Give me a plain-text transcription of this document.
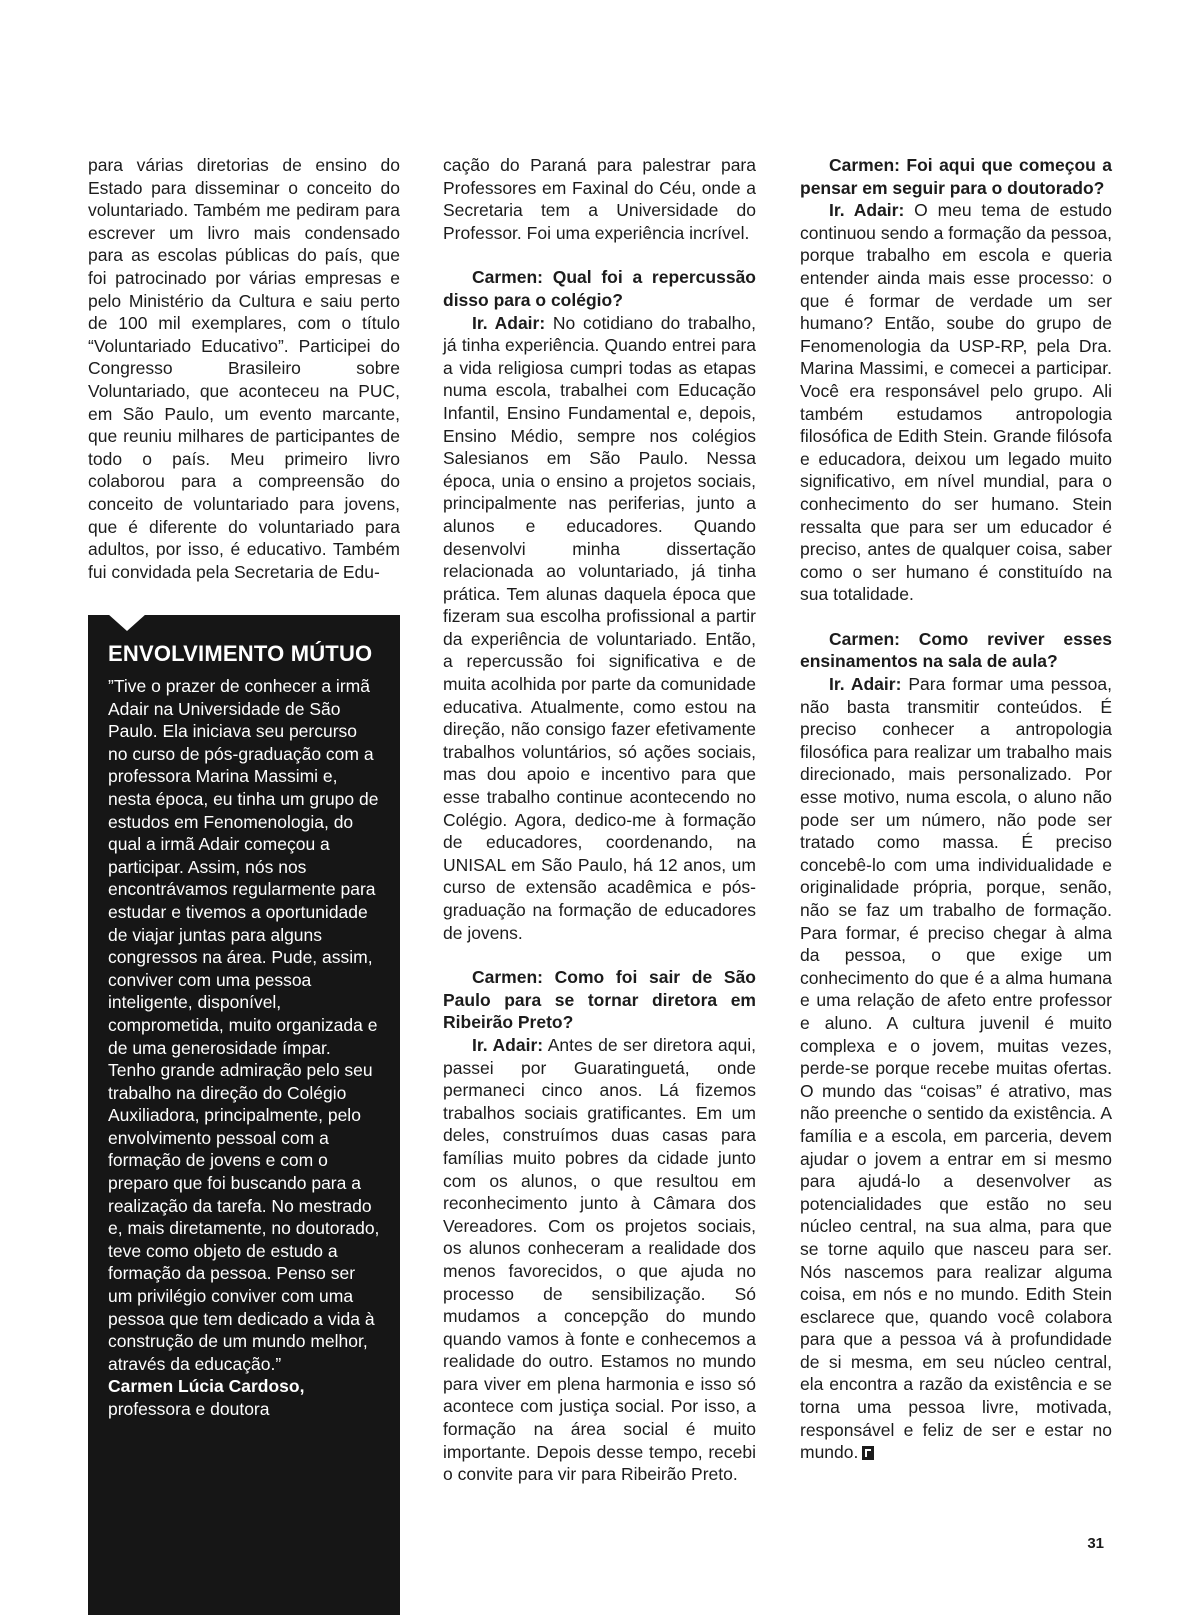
para várias diretorias de ensino do Estado para disseminar o conceito do voluntariado. Também me pediram para escrever um livro mais condensado para as escolas públicas do país, que foi patrocinado por várias empresas e pelo Ministério da Cultura e saiu perto de 100 mil exemplares, com o título “Voluntariado Educativo”. Participei do Congresso Brasileiro sobre Voluntariado, que aconteceu na PUC, em São Paulo, um evento marcante, que reuniu milhares de participantes de todo o país. Meu primeiro livro colaborou para a compreensão do conceito de voluntariado para jovens, que é diferente do voluntariado para adultos, por isso, é educativo. Também fui convidada pela Secretaria de Edu-

ENVOLVIMENTO MÚTUO

”Tive o prazer de conhecer a irmã Adair na Universidade de São Paulo. Ela iniciava seu percurso no curso de pós-graduação com a professora Marina Massimi e, nesta época, eu tinha um grupo de estudos em Fenomenologia, do qual a irmã Adair começou a participar. Assim, nós nos encontrávamos regularmente para estudar e tivemos a oportunidade de viajar juntas para alguns congressos na área. Pude, assim, conviver com uma pessoa inteligente, disponível, comprometida, muito organizada e de uma generosidade ímpar. Tenho grande admiração pelo seu trabalho na direção do Colégio Auxiliadora, principalmente, pelo envolvimento pessoal com a formação de jovens e com o preparo que foi buscando para a realização da tarefa. No mestrado e, mais diretamente, no doutorado, teve como objeto de estudo a formação da pessoa. Penso ser um privilégio conviver com uma pessoa que tem dedicado a vida à construção de um mundo melhor, através da educação.”

Carmen Lúcia Cardoso,

professora e doutora

cação do Paraná para palestrar para Professores em Faxinal do Céu, onde a Secretaria tem a Universidade do Professor. Foi uma experiência incrível.

Carmen: Qual foi a repercussão disso para o colégio?

Ir. Adair: No cotidiano do trabalho, já tinha experiência. Quando entrei para a vida religiosa cumpri todas as etapas numa escola, trabalhei com Educação Infantil, Ensino Fundamental e, depois, Ensino Médio, sempre nos colégios Salesianos em São Paulo. Nessa época, unia o ensino a projetos sociais, principalmente nas periferias, junto a alunos e educadores. Quando desenvolvi minha dissertação relacionada ao voluntariado, já tinha prática. Tem alunas daquela época que fizeram sua escolha profissional a partir da experiência de voluntariado. Então, a repercussão foi significativa e de muita acolhida por parte da comunidade educativa. Atualmente, como estou na direção, não consigo fazer efetivamente trabalhos voluntários, só ações sociais, mas dou apoio e incentivo para que esse trabalho continue acontecendo no Colégio. Agora, dedico-me à formação de educadores, coordenando, na UNISAL em São Paulo, há 12 anos, um curso de extensão acadêmica e pós-graduação na formação de educadores de jovens.

Carmen: Como foi sair de São Paulo para se tornar diretora em Ribeirão Preto?

Ir. Adair: Antes de ser diretora aqui, passei por Guaratinguetá, onde permaneci cinco anos. Lá fizemos trabalhos sociais gratificantes. Em um deles, construímos duas casas para famílias muito pobres da cidade junto com os alunos, o que resultou em reconhecimento junto à Câmara dos Vereadores. Com os projetos sociais, os alunos conheceram a realidade dos menos favorecidos, o que ajuda no processo de sensibilização. Só mudamos a concepção do mundo quando vamos à fonte e conhecemos a realidade do outro. Estamos no mundo para viver em plena harmonia e isso só acontece com justiça social. Por isso, a formação na área social é muito importante. Depois desse tempo, recebi o convite para vir para Ribeirão Preto.

Carmen: Foi aqui que começou a pensar em seguir para o doutorado?

Ir. Adair: O meu tema de estudo continuou sendo a formação da pessoa, porque trabalho em escola e queria entender ainda mais esse processo: o que é formar de verdade um ser humano? Então, soube do grupo de Fenomenologia da USP-RP, pela Dra. Marina Massimi, e comecei a participar. Você era responsável pelo grupo. Ali também estudamos antropologia filosófica de Edith Stein. Grande filósofa e educadora, deixou um legado muito significativo, em nível mundial, para o conhecimento do ser humano. Stein ressalta que para ser um educador é preciso, antes de qualquer coisa, saber como o ser humano é constituído na sua totalidade.

Carmen: Como reviver esses ensinamentos na sala de aula?

Ir. Adair: Para formar uma pessoa, não basta transmitir conteúdos. É preciso conhecer a antropologia filosófica para realizar um trabalho mais direcionado, mais personalizado. Por esse motivo, numa escola, o aluno não pode ser um número, não pode ser tratado como massa. É preciso concebê-lo com uma individualidade e originalidade própria, porque, senão, não se faz um trabalho de formação. Para formar, é preciso chegar à alma da pessoa, o que exige um conhecimento do que é a alma humana e uma relação de afeto entre professor e aluno. A cultura juvenil é muito complexa e o jovem, muitas vezes, perde-se porque recebe muitas ofertas. O mundo das “coisas” é atrativo, mas não preenche o sentido da existência. A família e a escola, em parceria, devem ajudar o jovem a entrar em si mesmo para ajudá-lo a desenvolver as potencialidades que estão no seu núcleo central, na sua alma, para que se torne aquilo que nasceu para ser. Nós nascemos para realizar alguma coisa, em nós e no mundo. Edith Stein esclarece que, quando você colabora para que a pessoa vá à profundidade de si mesma, em seu núcleo central, ela encontra a razão da existência e se torna uma pessoa livre, motivada, responsável e feliz de ser e estar no mundo.

31
